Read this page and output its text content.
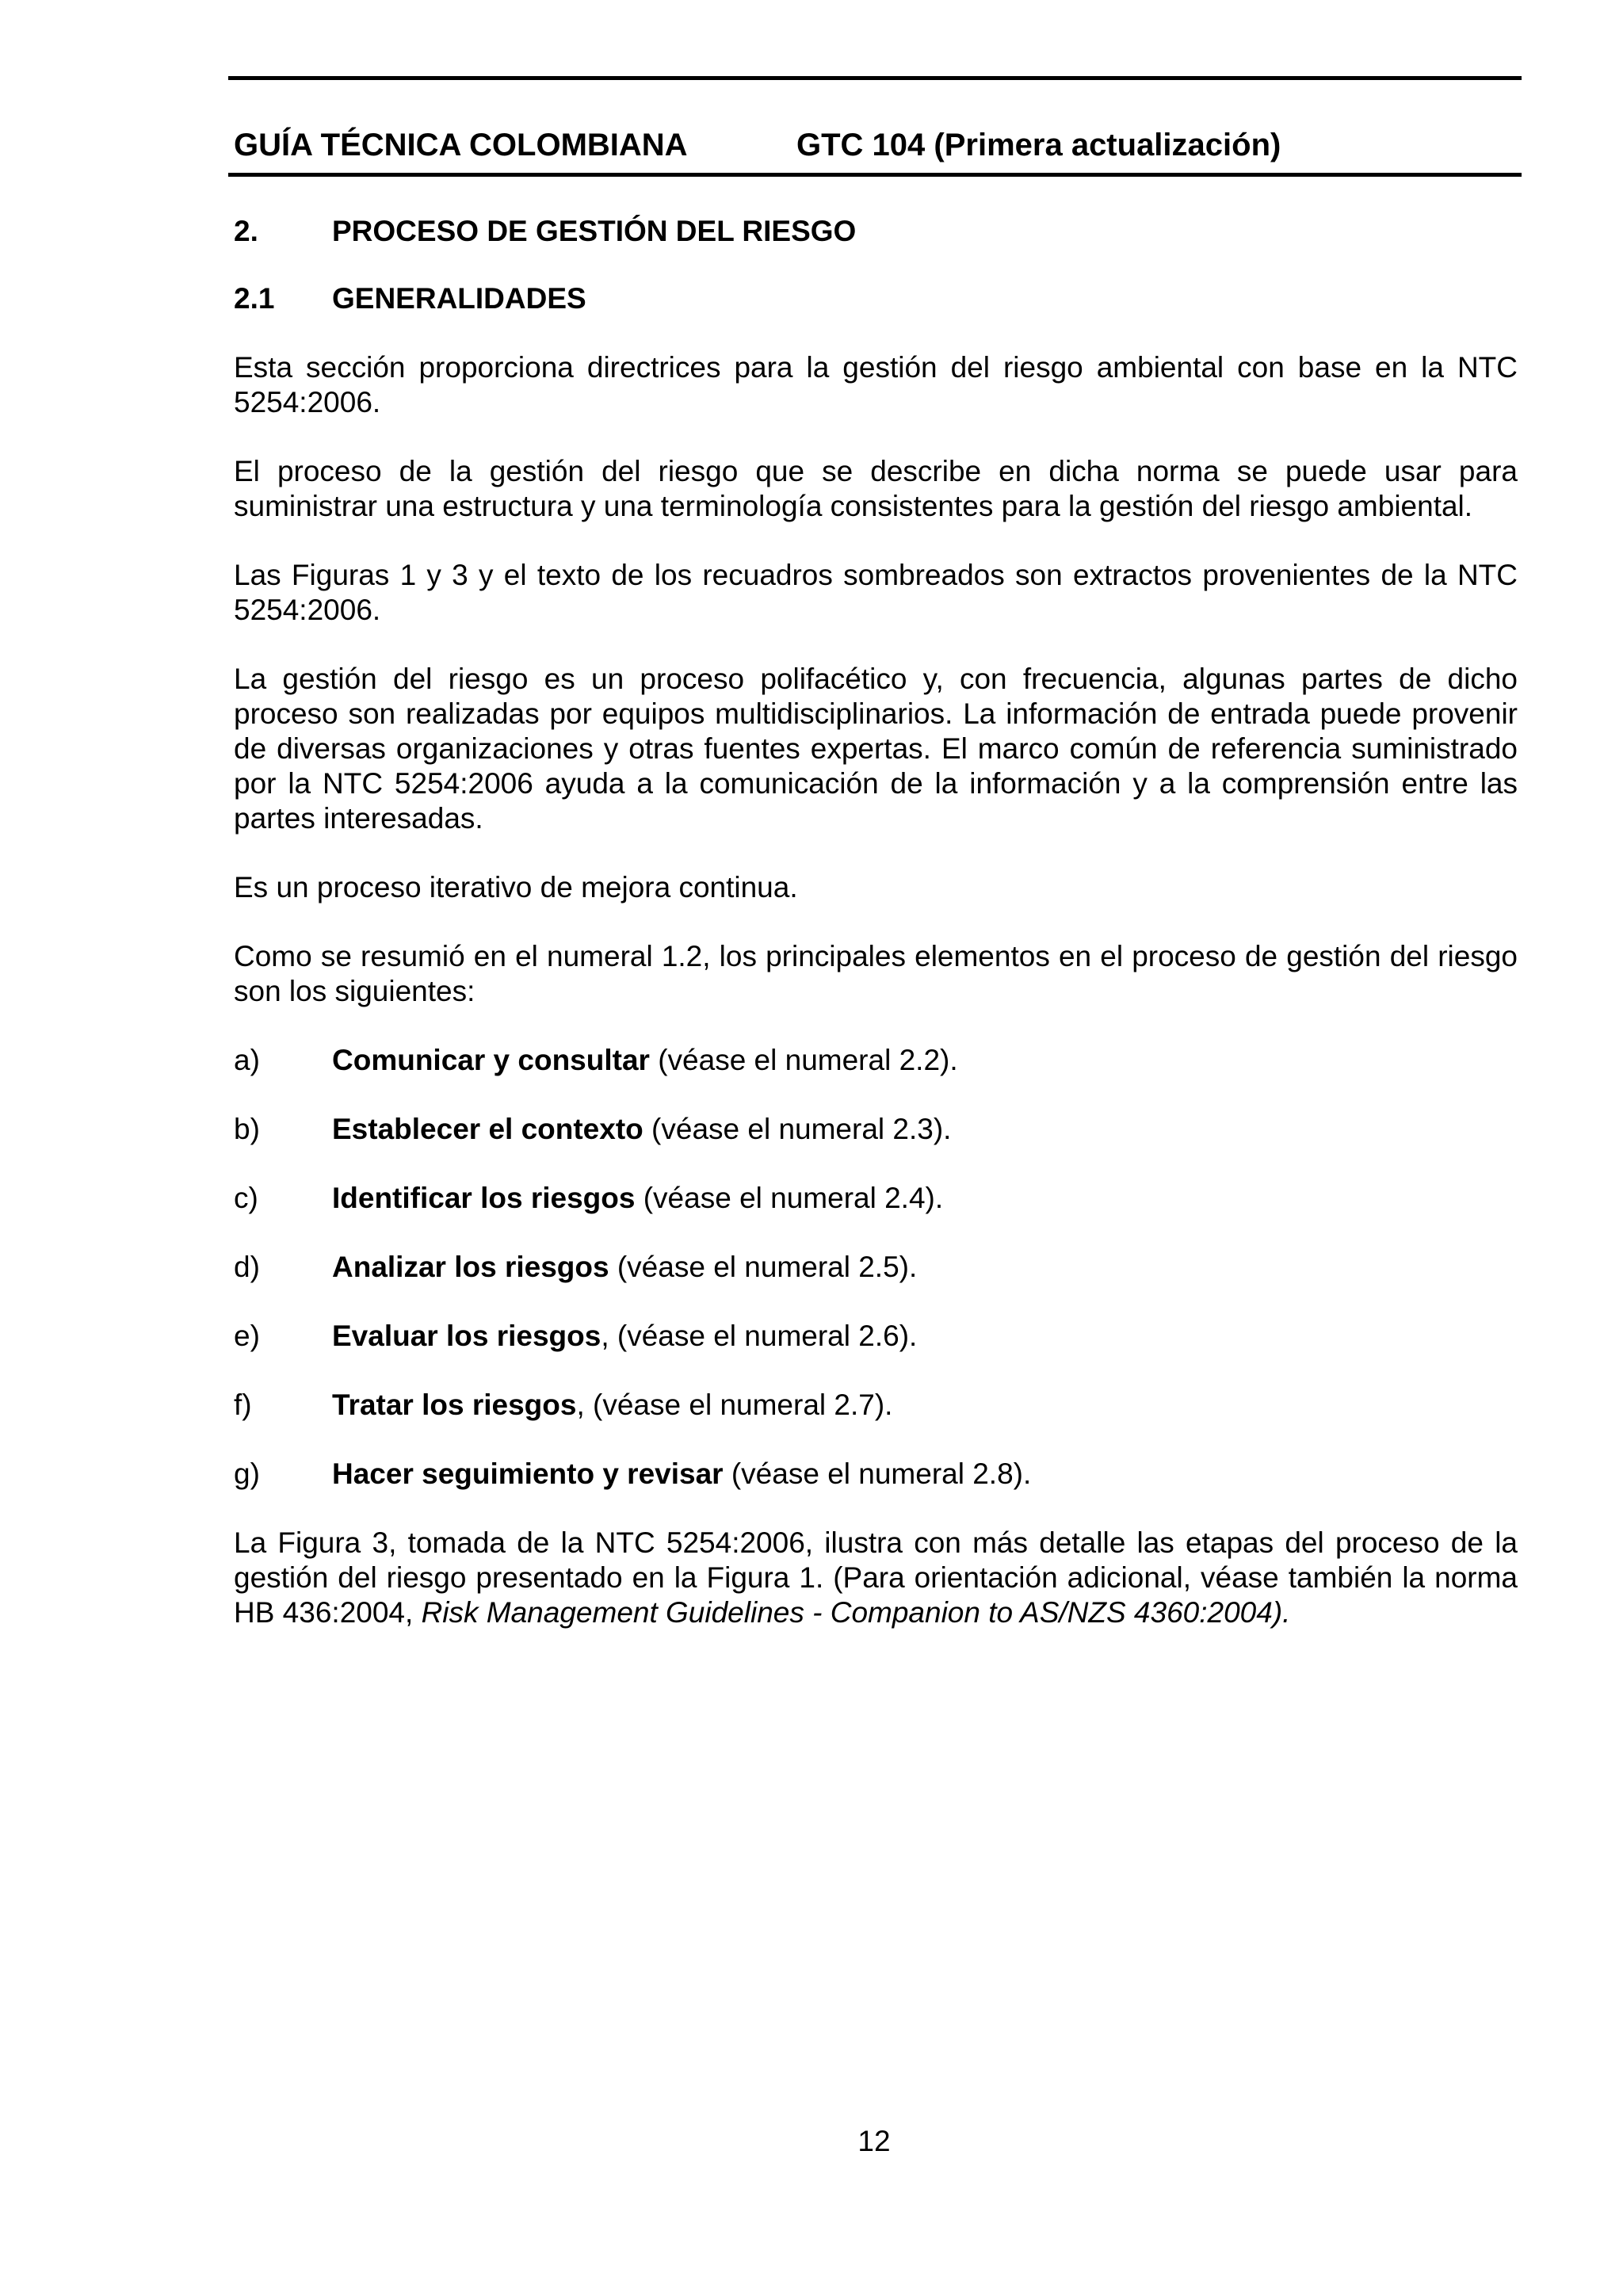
GUÍA TÉCNICA COLOMBIANA	GTC 104 (Primera actualización)
2.	PROCESO DE GESTIÓN DEL RIESGO
2.1	GENERALIDADES

Esta sección proporciona directrices para la gestión del riesgo ambiental con base en la NTC 5254:2006.

El proceso de la gestión del riesgo que se describe en dicha norma se puede usar para suministrar una estructura y una terminología consistentes para la gestión del riesgo ambiental.

Las Figuras 1 y 3 y el texto de los recuadros sombreados son extractos provenientes de la NTC 5254:2006.

La gestión del riesgo es un proceso polifacético y, con frecuencia, algunas partes de dicho proceso son realizadas por equipos multidisciplinarios. La información de entrada puede provenir de diversas organizaciones y otras fuentes expertas. El marco común de referencia suministrado por la NTC 5254:2006 ayuda a la comunicación de la información y a la comprensión entre las partes interesadas.

Es un proceso iterativo de mejora continua.

Como se resumió en el numeral 1.2, los principales elementos en el proceso de gestión del riesgo son los siguientes:

a)	Comunicar y consultar (véase el numeral 2.2).
b)	Establecer el contexto (véase el numeral 2.3).
c)	Identificar los riesgos (véase el numeral 2.4).
d)	Analizar los riesgos (véase el numeral 2.5).
e)	Evaluar los riesgos, (véase el numeral 2.6).
f)	Tratar los riesgos, (véase el numeral 2.7).
g)	Hacer seguimiento y revisar (véase el numeral 2.8).

La Figura 3, tomada de la NTC 5254:2006, ilustra con más detalle las etapas del proceso de la gestión del riesgo presentado en la Figura 1. (Para orientación adicional, véase también la norma HB 436:2004, Risk Management Guidelines - Companion to AS/NZS 4360:2004).

12
